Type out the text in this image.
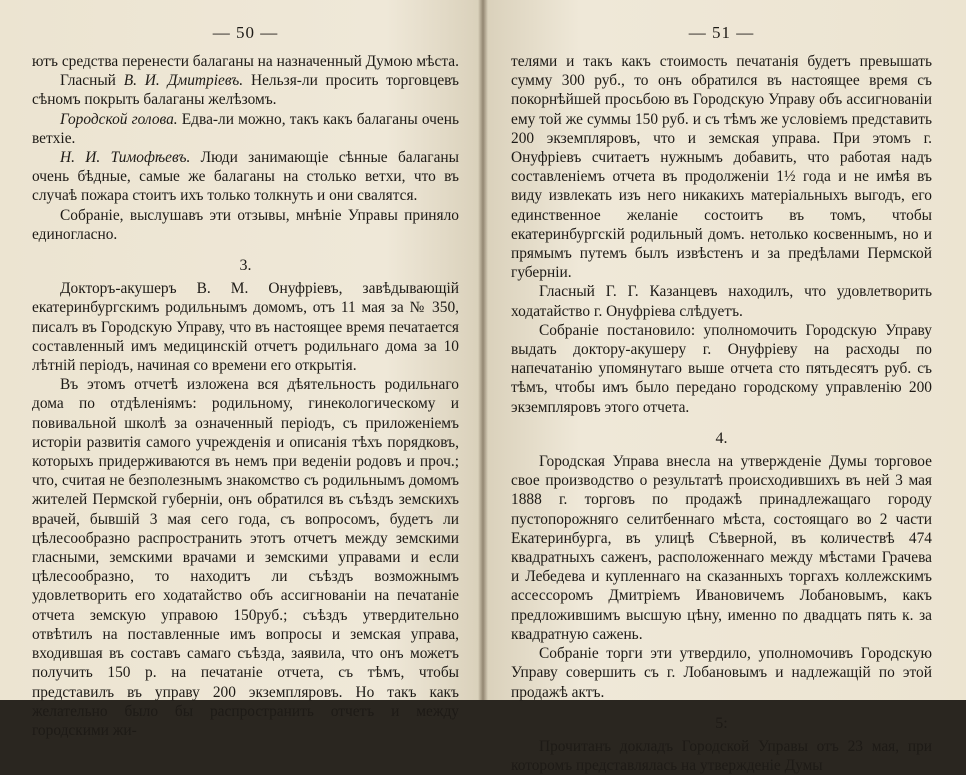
— 50 —

ютъ средства перенести балаганы на назначенный Думою мѣста.

Гласный В. И. Дмитріевъ. Нельзя-ли просить торговцевъ сѣномъ покрыть балаганы желѣзомъ.

Городской голова. Едва-ли можно, такъ какъ балаганы очень ветхіе.

Н. И. Тимофѣевъ. Люди занимающіе сѣнные балаганы очень бѣдные, самые же балаганы на столько ветхи, что въ случаѣ пожара стоитъ ихъ только толкнуть и они свалятся.

Собраніе, выслушавъ эти отзывы, мнѣніе Управы приняло единогласно.

3.

Докторъ-акушеръ В. М. Онуфріевъ, завѣдывающій екатеринбургскимъ родильнымъ домомъ, отъ 11 мая за № 350, писалъ въ Городскую Управу, что въ настоящее время печатается составленный имъ медицинскій отчетъ родильнаго дома за 10 лѣтній періодъ, начиная со времени его открытія.

Въ этомъ отчетѣ изложена вся дѣятельность родильнаго дома по отдѣленіямъ: родильному, гинекологическому и повивальной школѣ за означенный періодъ, съ приложеніемъ исторіи развитія самого учрежденія и описанія тѣхъ порядковъ, которыхъ придерживаются въ немъ при веденіи родовъ и проч.; что, считая не безполезнымъ знакомство съ родильнымъ домомъ жителей Пермской губерніи, онъ обратился въ съѣздъ земскихъ врачей, бывшій 3 мая сего года, съ вопросомъ, будетъ ли цѣлесообразно распространить этотъ отчетъ между земскими гласными, земскими врачами и земскими управами и если цѣлесообразно, то находитъ ли съѣздъ возможнымъ удовлетворить его ходатайство объ ассигнованіи на печатаніе отчета земскую управою 150руб.; съѣздъ утвердительно отвѣтилъ на поставленные имъ вопросы и земская управа, входившая въ составъ самаго съѣзда, заявила, что онъ можетъ получить 150 р. на печатаніе отчета, съ тѣмъ, чтобы представилъ въ управу 200 экземпляровъ. Но такъ какъ желательно было бы распространить отчетъ и между городскими жи-

— 51 —

телями и такъ какъ стоимость печатанія будетъ превышать сумму 300 руб., то онъ обратился въ настоящее время съ покорнѣйшей просьбою въ Городскую Управу объ ассигнованіи ему той же суммы 150 руб. и съ тѣмъ же условіемъ представить 200 экземпляровъ, что и земская управа. При этомъ г. Онуфріевъ считаетъ нужнымъ добавить, что работая надъ составленіемъ отчета въ продолженіи 1½ года и не имѣя въ виду извлекать изъ него никакихъ матеріальныхъ выгодъ, его единственное желаніе состоитъ въ томъ, чтобы екатеринбургскій родильный домъ. нетолько косвеннымъ, но и прямымъ путемъ былъ извѣстенъ и за предѣлами Пермской губерніи.

Гласный Г. Г. Казанцевъ находилъ, что удовлетворить ходатайство г. Онуфріева слѣдуетъ.

Собраніе постановило: уполномочить Городскую Управу выдать доктору-акушеру г. Онуфріеву на расходы по напечатанію упомянутаго выше отчета сто пятьдесятъ руб. съ тѣмъ, чтобы имъ было передано городскому управленію 200 экземпляровъ этого отчета.

4.

Городская Управа внесла на утвержденіе Думы торговое свое производство о результатѣ происходившихъ въ ней 3 мая 1888 г. торговъ по продажѣ принадлежащаго городу пустопорожняго селитбеннаго мѣста, состоящаго во 2 части Екатеринбурга, въ улицѣ Сѣверной, въ количествѣ 474 квадратныхъ саженъ, расположеннаго между мѣстами Грачева и Лебедева и купленнаго на сказанныхъ торгахъ коллежскимъ ассессоромъ Дмитріемъ Ивановичемъ Лобановымъ, какъ предложившимъ высшую цѣну, именно по двадцать пять к. за квадратную сажень.

Собраніе торги эти утвердило, уполномочивъ Городскую Управу совершить съ г. Лобановымъ и надлежащій по этой продажѣ актъ.

5:

Прочитанъ докладъ Городской Управы отъ 23 мая, при которомъ представлялась на утвержденіе Думы
